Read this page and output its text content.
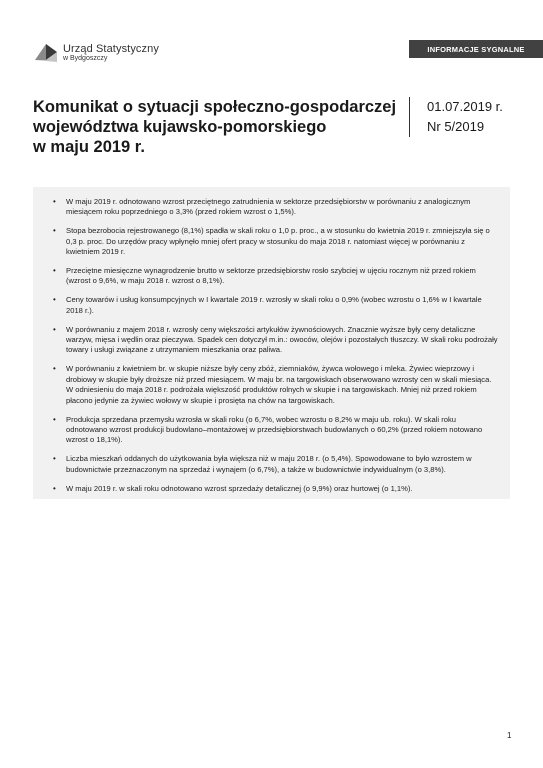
Urząd Statystyczny
w Bydgoszczy
INFORMACJE SYGNALNE
Komunikat o sytuacji społeczno-gospodarczej
województwa kujawsko-pomorskiego
w maju 2019 r.
01.07.2019 r.
Nr 5/2019
• W maju 2019 r. odnotowano wzrost przeciętnego zatrudnienia w sektorze przedsiębiorstw w porównaniu z analogicznym miesiącem roku poprzedniego o 3,3% (przed rokiem wzrost o 1,5%).
• Stopa bezrobocia rejestrowanego (8,1%) spadła w skali roku o 1,0 p. proc., a w stosunku do kwietnia 2019 r. zmniejszyła się o 0,3 p. proc. Do urzędów pracy wpłynęło mniej ofert pracy w stosunku do maja 2018 r. natomiast więcej w porównaniu z kwietniem 2019 r.
• Przeciętne miesięczne wynagrodzenie brutto w sektorze przedsiębiorstw rosło szybciej w ujęciu rocznym niż przed rokiem (wzrost o 9,6%, w maju 2018 r. wzrost o 8,1%).
• Ceny towarów i usług konsumpcyjnych w I kwartale 2019 r. wzrosły w skali roku o 0,9% (wobec wzrostu o 1,6% w I kwartale 2018 r.).
• W porównaniu z majem 2018 r. wzrosły ceny większości artykułów żywnościowych. Znacznie wyższe były ceny detaliczne warzyw, mięsa i wędlin oraz pieczywa. Spadek cen dotyczył m.in.: owoców, olejów i pozostałych tłuszczy. W skali roku podrożały towary i usługi związane z utrzymaniem mieszkania oraz paliwa.
• W porównaniu z kwietniem br. w skupie niższe były ceny zbóż, ziemniaków, żywca wołowego i mleka. Żywiec wieprzowy i drobiowy w skupie były droższe niż przed miesiącem. W maju br. na targowiskach obserwowano wzrosty cen w skali miesiąca. W odniesieniu do maja 2018 r. podrożała większość produktów rolnych w skupie i na targowiskach. Mniej niż przed rokiem płacono jedynie za żywiec wołowy w skupie i prosięta na chów na targowiskach.
• Produkcja sprzedana przemysłu wzrosła w skali roku (o 6,7%, wobec wzrostu o 8,2% w maju ub. roku). W skali roku odnotowano wzrost produkcji budowlano–montażowej w przedsiębiorstwach budowlanych o 60,2% (przed rokiem notowano wzrost o 18,1%).
• Liczba mieszkań oddanych do użytkowania była większa niż w maju 2018 r. (o 5,4%). Spowodowane to było wzrostem w budownictwie przeznaczonym na sprzedaż i wynajem (o 6,7%), a także w budownictwie indywidualnym (o 3,8%).
• W maju 2019 r. w skali roku odnotowano wzrost sprzedaży detalicznej (o 9,9%) oraz hurtowej (o 1,1%).
1
